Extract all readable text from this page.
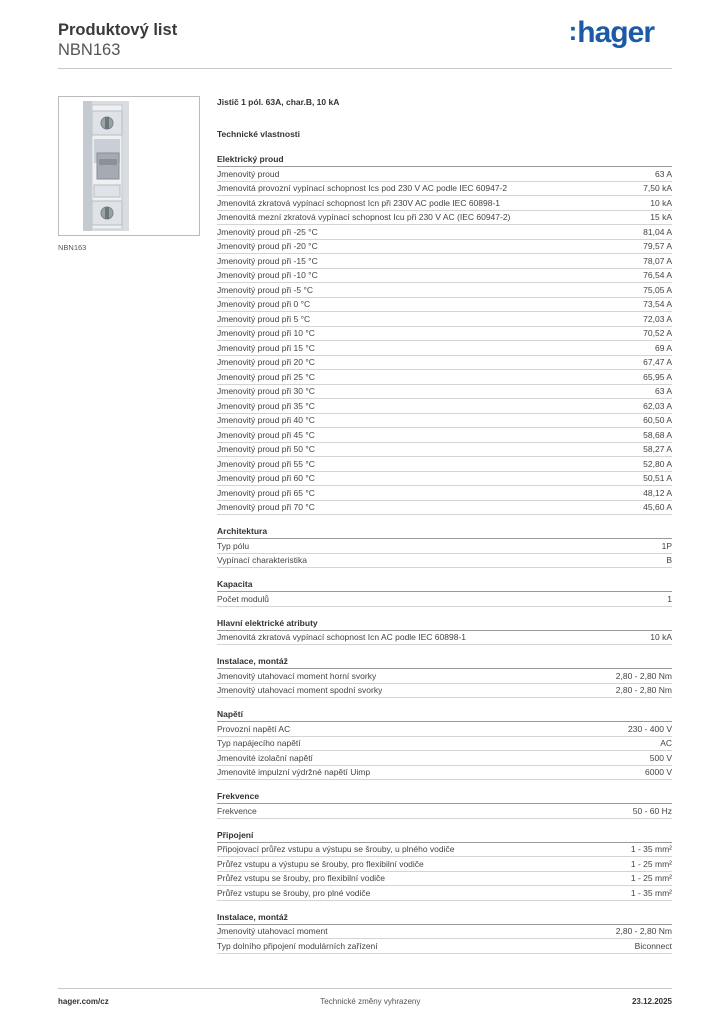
Produktový list
NBN163
:hager
NBN163
Jistič 1 pól. 63A, char.B, 10 kA
Technické vlastnosti
Elektrický proud
Jmenovitý proud	63 A
Jmenovitá provozní vypínací schopnost Ics pod 230 V AC podle IEC 60947-2	7,50 kA
Jmenovitá zkratová vypínací schopnost Icn při 230V AC podle IEC 60898-1	10 kA
Jmenovitá mezní zkratová vypínací schopnost Icu při 230 V AC (IEC 60947-2)	15 kA
Jmenovitý proud při -25 °C	81,04 A
Jmenovitý proud při -20 °C	79,57 A
Jmenovitý proud při -15 °C	78,07 A
Jmenovitý proud při -10 °C	76,54 A
Jmenovitý proud při -5 °C	75,05 A
Jmenovitý proud při 0 °C	73,54 A
Jmenovitý proud při 5 °C	72,03 A
Jmenovitý proud při 10 °C	70,52 A
Jmenovitý proud při 15 °C	69 A
Jmenovitý proud při 20 °C	67,47 A
Jmenovitý proud při 25 °C	65,95 A
Jmenovitý proud při 30 °C	63 A
Jmenovitý proud při 35 °C	62,03 A
Jmenovitý proud při 40 °C	60,50 A
Jmenovitý proud při 45 °C	58,68 A
Jmenovitý proud při 50 °C	58,27 A
Jmenovitý proud při 55 °C	52,80 A
Jmenovitý proud při 60 °C	50,51 A
Jmenovitý proud při 65 °C	48,12 A
Jmenovitý proud při 70 °C	45,60 A
Architektura
Typ pólu	1P
Vypínací charakteristika	B
Kapacita
Počet modulů	1
Hlavní elektrické atributy
Jmenovitá zkratová vypínací schopnost Icn AC podle IEC 60898-1	10 kA
Instalace, montáž
Jmenovitý utahovací moment horní svorky	2,80 - 2,80 Nm
Jmenovitý utahovací moment spodní svorky	2,80 - 2,80 Nm
Napětí
Provozní napětí AC	230 - 400 V
Typ napájecího napětí	AC
Jmenovité izolační napětí	500 V
Jmenovité impulzní výdržné napětí Uimp	6000 V
Frekvence
Frekvence	50 - 60 Hz
Připojení
Připojovací průřez vstupu a výstupu se šrouby, u plného vodiče	1 - 35 mm²
Průřez vstupu a výstupu se šrouby, pro flexibilní vodiče	1 - 25 mm²
Průřez vstupu se šrouby, pro flexibilní vodiče	1 - 25 mm²
Průřez vstupu se šrouby, pro plné vodiče	1 - 35 mm²
Instalace, montáž
Jmenovitý utahovací moment	2,80 - 2,80 Nm
Typ dolního připojení modulárních zařízení	Biconnect
hager.com/cz	Technické změny vyhrazeny	23.12.2025
